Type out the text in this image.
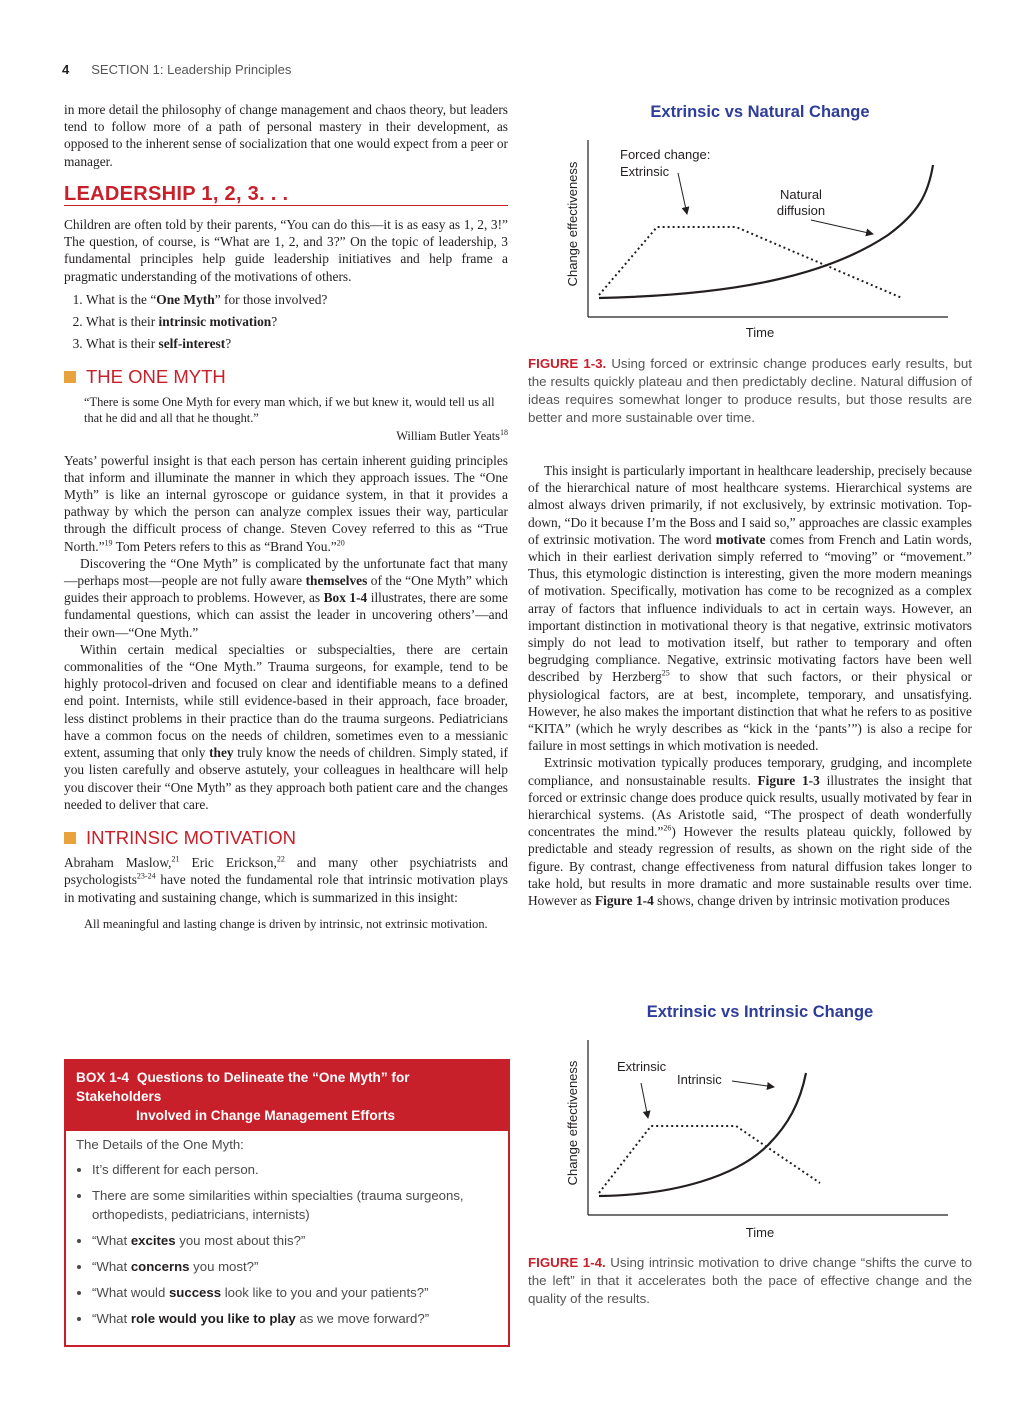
4 SECTION 1: Leadership Principles

in more detail the philosophy of change management and chaos theory, but leaders tend to follow more of a path of personal mastery in their development, as opposed to the inherent sense of socialization that one would expect from a peer or manager.

LEADERSHIP 1, 2, 3. . .

Children are often told by their parents, “You can do this—it is as easy as 1, 2, 3!” The question, of course, is “What are 1, 2, and 3?” On the topic of leadership, 3 fundamental principles help guide leadership initiatives and help frame a pragmatic understanding of the motivations of others.

1. What is the “One Myth” for those involved?
2. What is their intrinsic motivation?
3. What is their self-interest?
THE ONE MYTH
“There is some One Myth for every man which, if we but knew it, would tell us all that he did and all that he thought.”
William Butler Yeats$^{18}$

Yeats’ powerful insight is that each person has certain inherent guiding principles that inform and illuminate the manner in which they approach issues. The “One Myth” is like an internal gyroscope or guidance system, in that it provides a pathway by which the person can analyze complex issues their way, particular through the difficult process of change. Steven Covey referred to this as “True North.”$^{19}$ Tom Peters refers to this as “Brand You.”$^{20}$

Discovering the “One Myth” is complicated by the unfortunate fact that many—perhaps most—people are not fully aware themselves of the “One Myth” which guides their approach to problems. However, as Box 1-4 illustrates, there are some fundamental questions, which can assist the leader in uncovering others’—and their own—“One Myth.”

Within certain medical specialties or subspecialties, there are certain commonalities of the “One Myth.” Trauma surgeons, for example, tend to be highly protocol-driven and focused on clear and identifiable means to a defined end point. Internists, while still evidence-based in their approach, face broader, less distinct problems in their practice than do the trauma surgeons. Pediatricians have a common focus on the needs of children, sometimes even to a messianic extent, assuming that only they truly know the needs of children. Simply stated, if you listen carefully and observe astutely, your colleagues in healthcare will help you discover their “One Myth” as they approach both patient care and the changes needed to deliver that care.

INTRINSIC MOTIVATION

Abraham Maslow,$^{21}$ Eric Erickson,$^{22}$ and many other psychiatrists and psychologists$^{23-24}$ have noted the fundamental role that intrinsic motivation plays in motivating and sustaining change, which is summarized in this insight:

All meaningful and lasting change is driven by intrinsic, not extrinsic motivation.
BOX 1-4 Questions to Delineate the “One Myth” for Stakeholders
Involved in Change Management Efforts

The Details of the One Myth:

• It’s different for each person.
• There are some similarities within specialties (trauma surgeons, orthopedists, pediatricians, internists)
• “What excites you most about this?”
• “What concerns you most?”
• “What would success look like to you and your patients?”
• “What role would you like to play as we move forward?”
Extrinsic vs Natural Change
Change effectiveness
Time
Forced change:
Extrinsic
Natural
diffusion
FIGURE 1-3. Using forced or extrinsic change produces early results, but the results quickly plateau and then predictably decline. Natural diffusion of ideas requires somewhat longer to produce results, but those results are better and more sustainable over time.

This insight is particularly important in healthcare leadership, precisely because of the hierarchical nature of most healthcare systems. Hierarchical systems are almost always driven primarily, if not exclusively, by extrinsic motivation. Top-down, “Do it because I’m the Boss and I said so,” approaches are classic examples of extrinsic motivation. The word motivate comes from French and Latin words, which in their earliest derivation simply referred to “moving” or “movement.” Thus, this etymologic distinction is interesting, given the more modern meanings of motivation. Specifically, motivation has come to be recognized as a complex array of factors that influence individuals to act in certain ways. However, an important distinction in motivational theory is that negative, extrinsic motivators simply do not lead to motivation itself, but rather to temporary and often begrudging compliance. Negative, extrinsic motivating factors have been well described by Herzberg$^{25}$ to show that such factors, or their physical or physiological factors, are at best, incomplete, temporary, and unsatisfying. However, he also makes the important distinction that what he refers to as positive “KITA” (which he wryly describes as “kick in the ‘pants’”) is also a recipe for failure in most settings in which motivation is needed.

Extrinsic motivation typically produces temporary, grudging, and incomplete compliance, and nonsustainable results. Figure 1-3 illustrates the insight that forced or extrinsic change does produce quick results, usually motivated by fear in hierarchical systems. (As Aristotle said, “The prospect of death wonderfully concentrates the mind.”$^{26}$) However the results plateau quickly, followed by predictable and steady regression of results, as shown on the right side of the figure. By contrast, change effectiveness from natural diffusion takes longer to take hold, but results in more dramatic and more sustainable results over time. However as Figure 1-4 shows, change driven by intrinsic motivation produces

Extrinsic vs Intrinsic Change
Change effectiveness
Time
Extrinsic
Intrinsic
FIGURE 1-4. Using intrinsic motivation to drive change “shifts the curve to the left” in that it accelerates both the pace of effective change and the quality of the results.
